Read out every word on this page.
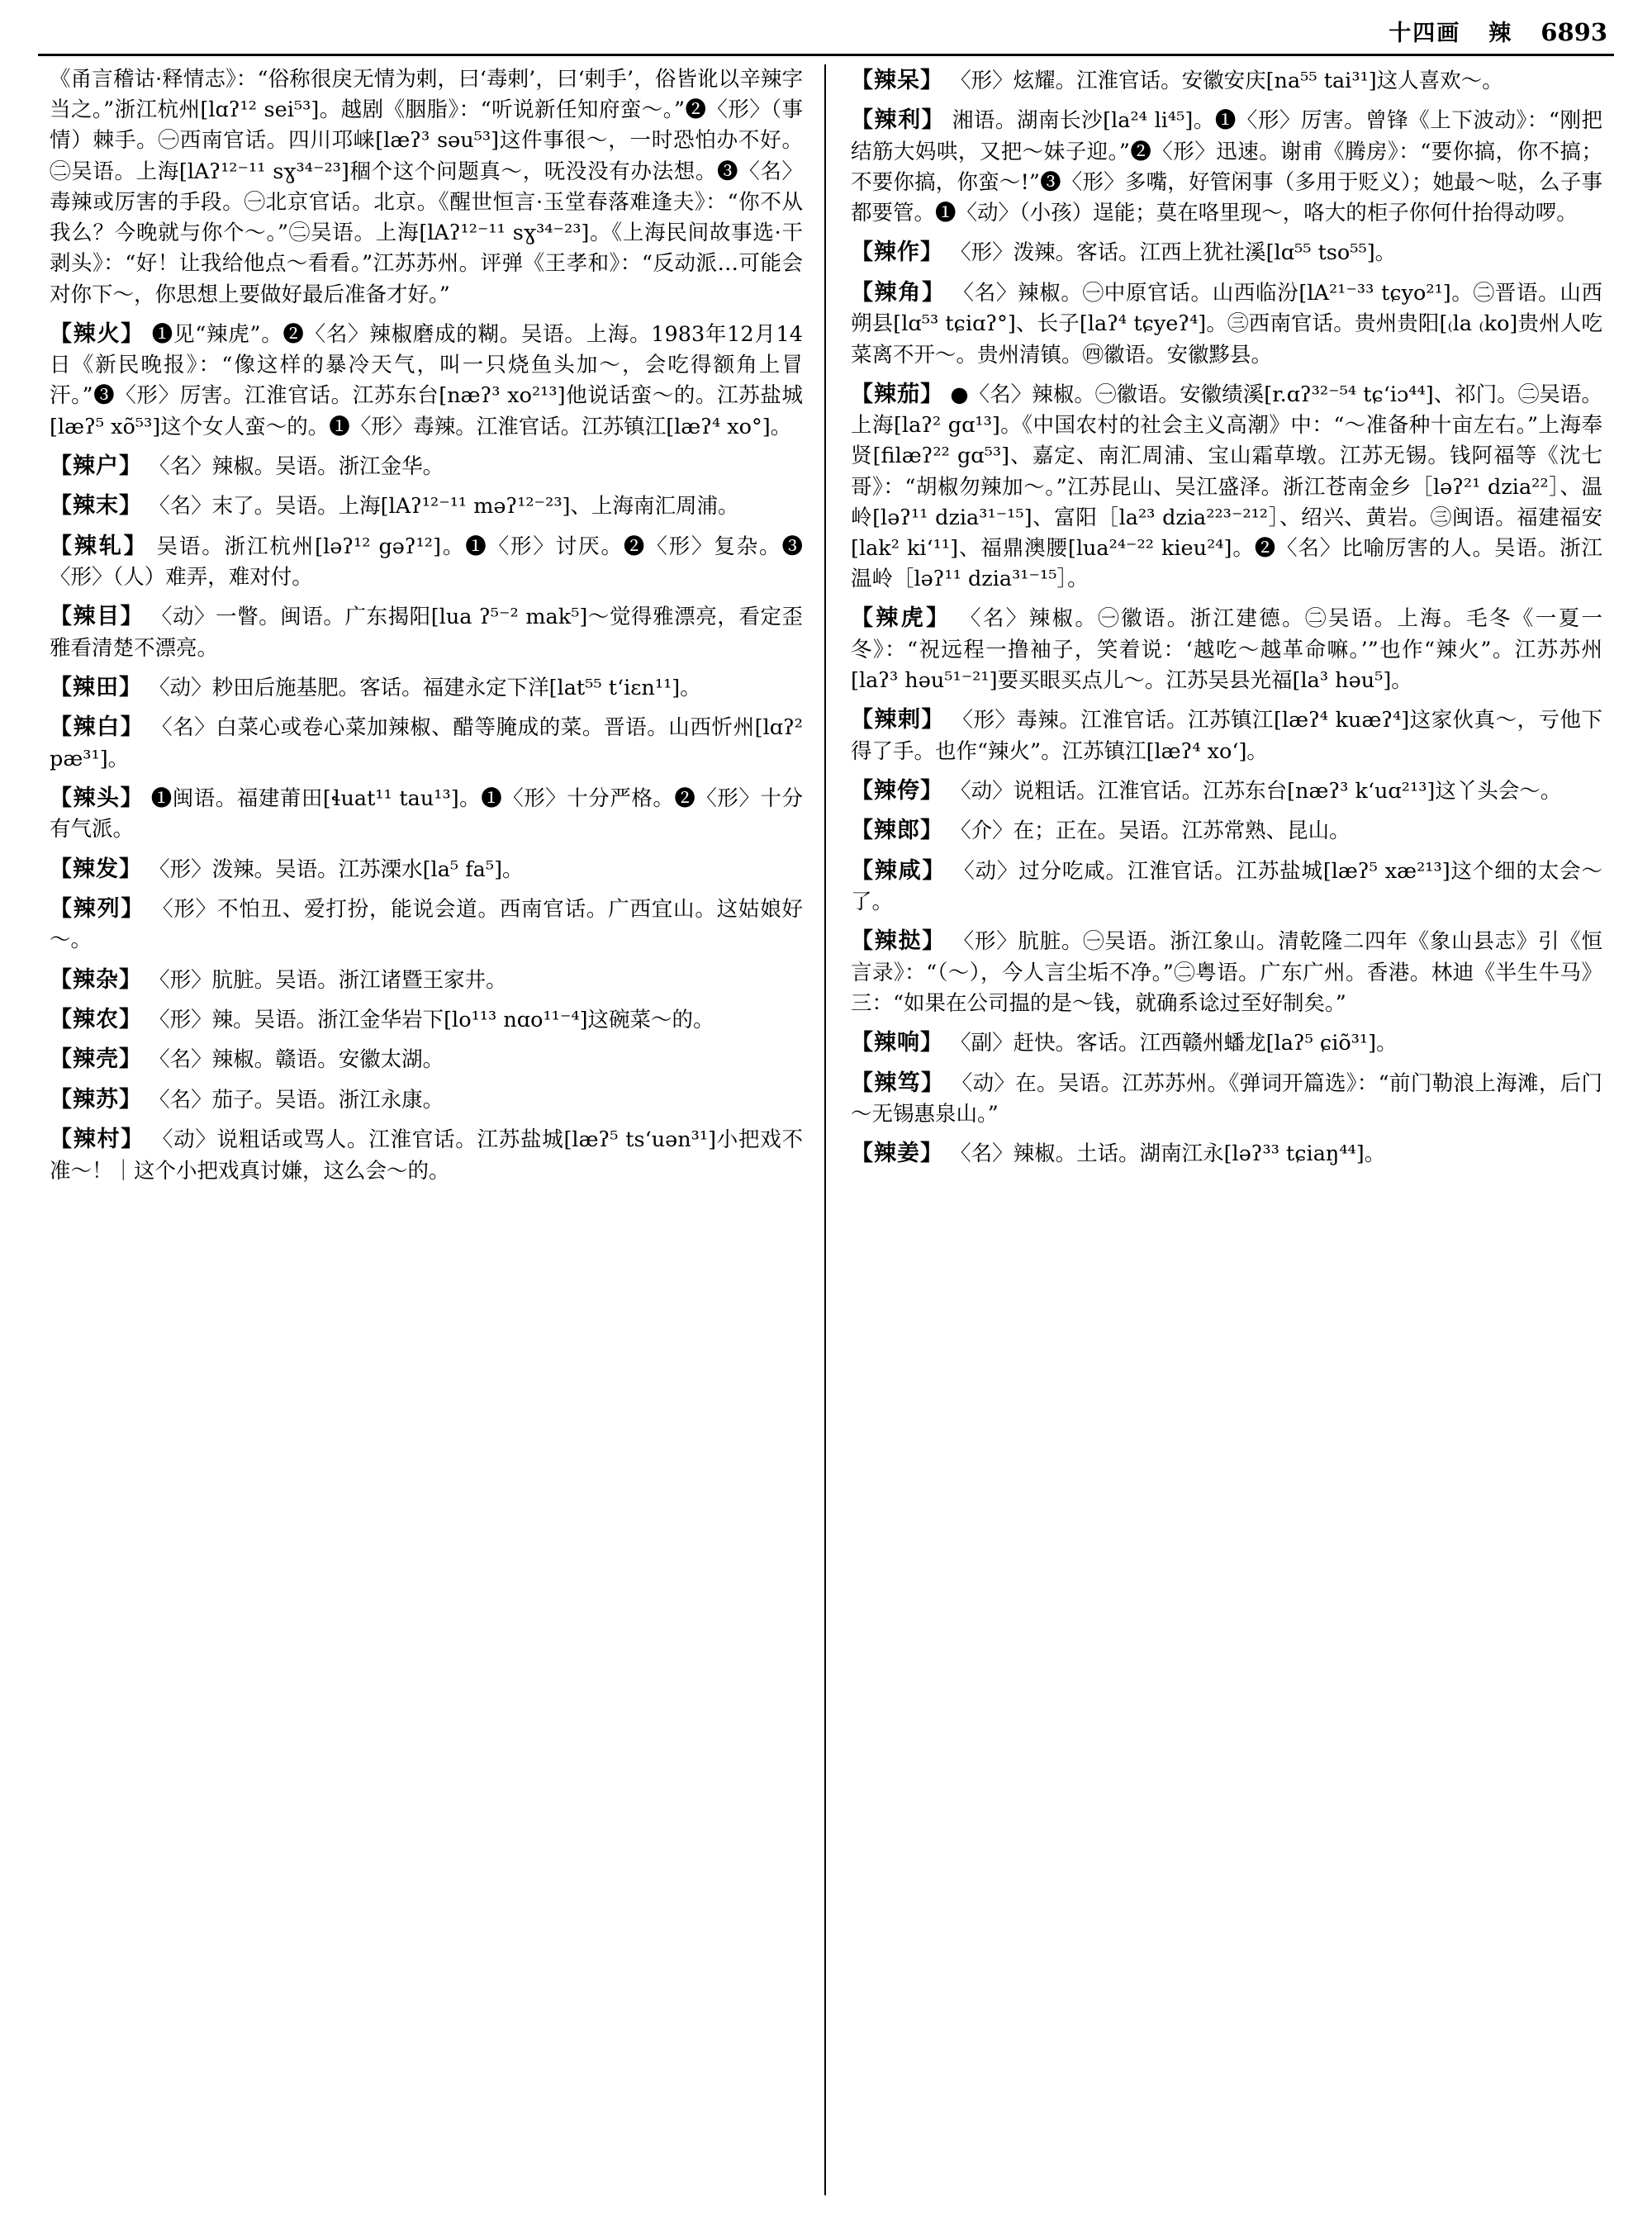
十四画 辣 6893
《甬言稽诂·释情志》：“俗称很戾无情为剌，曰‘毒剌’，曰‘剌手’，俗皆讹以辛辣字当之。”浙江杭州[lɑʔ¹² sei⁵³]。越剧《胭脂》：“听说新任知府蛮～。”❷〈形〉（事情）棘手。㊀西南官话。四川邛崃[læʔ³ səu⁵³]这件事很～，一时恐怕办不好。㊁吴语。上海[lAʔ¹²⁻¹¹ sɣ³⁴⁻²³]稒个这个问题真～，呒没没有办法想。❸〈名〉毒辣或厉害的手段。㊀北京官话。北京。《醒世恒言·玉堂春落难逢夫》：“你不从我么？今晚就与你个～。”㊁吴语。上海[lAʔ¹²⁻¹¹ sɣ³⁴⁻²³]。《上海民间故事选·干剥头》：“好！让我给他点～看看。”江苏苏州。评弹《王孝和》：“反动派…可能会对你下～，你思想上要做好最后准备才好。”
【辣火】 ❶见“辣虎”。❷〈名〉辣椒磨成的糊。吴语。上海。1983年12月14日《新民晚报》：“像这样的暴冷天气，叫一只烧鱼头加～，会吃得额角上冒汗。”❸〈形〉厉害。江淮官话。江苏东台[næʔ³ xo²¹³]他说话蛮～的。江苏盐城[læʔ⁵ xõ⁵³]这个女人蛮～的。❶〈形〉毒辣。江淮官话。江苏镇江[læʔ⁴ xo°]。
【辣户】 〈名〉辣椒。吴语。浙江金华。
【辣末】 〈名〉末了。吴语。上海[lAʔ¹²⁻¹¹ məʔ¹²⁻²³]、上海南汇周浦。
【辣轧】 吴语。浙江杭州[ləʔ¹² gəʔ¹²]。❶〈形〉讨厌。❷〈形〉复杂。❸〈形〉（人）难弄，难对付。
【辣目】 〈动〉一瞥。闽语。广东揭阳[lua ʔ⁵⁻² mak⁵]～觉得雅漂亮，看定歪雅看清楚不漂亮。
【辣田】 〈动〉耖田后施基肥。客话。福建永定下洋[lat⁵⁵ tʻiɛn¹¹]。
【辣白】 〈名〉白菜心或卷心菜加辣椒、醋等腌成的菜。晋语。山西忻州[lɑʔ² pæ³¹]。
【辣头】 ❶闽语。福建莆田[ɬuat¹¹ tau¹³]。❶〈形〉十分严格。❷〈形〉十分有气派。
【辣发】 〈形〉泼辣。吴语。江苏溧水[la⁵ fa⁵]。
【辣列】 〈形〉不怕丑、爱打扮，能说会道。西南官话。广西宜山。这姑娘好～。
【辣杂】 〈形〉肮脏。吴语。浙江诸暨王家井。
【辣农】 〈形〉辣。吴语。浙江金华岩下[lo¹¹³ nɑo¹¹⁻⁴]这碗菜～的。
【辣壳】 〈名〉辣椒。赣语。安徽太湖。
【辣苏】 〈名〉茄子。吴语。浙江永康。
【辣村】 〈动〉说粗话或骂人。江淮官话。江苏盐城[læʔ⁵ tsʻuən³¹]小把戏不准～！｜这个小把戏真讨嫌，这么会～的。
【辣呆】 〈形〉炫耀。江淮官话。安徽安庆[na⁵⁵ tai³¹]这人喜欢～。
【辣利】 湘语。湖南长沙[la²⁴ li⁴⁵]。❶〈形〉厉害。曾锋《上下波动》：“刚把结筋大妈哄，又把～妹子迎。”❷〈形〉迅速。谢甫《腾房》：“要你搞，你不搞；不要你搞，你蛮～!”❸〈形〉多嘴，好管闲事（多用于贬义）；她最～哒，么子事都要管。❶〈动〉（小孩）逞能；莫在咯里现～，咯大的柜子你何什抬得动啰。
【辣作】 〈形〉泼辣。客话。江西上犹社溪[lɑ⁵⁵ tso⁵⁵]。
【辣角】 〈名〉辣椒。㊀中原官话。山西临汾[lA²¹⁻³³ tɕyo²¹]。㊁晋语。山西朔县[lɑ⁵³ tɕiɑʔ°]、长子[laʔ⁴ tɕyeʔ⁴]。㊂西南官话。贵州贵阳[₍la ₍ko]贵州人吃菜离不开～。贵州清镇。㊃徽语。安徽黟县。
【辣茄】 ●〈名〉辣椒。㊀徽语。安徽绩溪[r.ɑʔ³²⁻⁵⁴ tɕʻiɔ⁴⁴]、祁门。㊁吴语。上海[laʔ² gɑ¹³]。《中国农村的社会主义高潮》中：“～准备种十亩左右。”上海奉贤[filæʔ²² gɑ⁵³]、嘉定、南汇周浦、宝山霜草墩。江苏无锡。钱阿福等《沈七哥》：“胡椒勿辣加～。”江苏昆山、吴江盛泽。浙江苍南金乡［ləʔ²¹ dzia²²］、温岭[ləʔ¹¹ dzia³¹⁻¹⁵]、富阳［la²³ dzia²²³⁻²¹²］、绍兴、黄岩。㊂闽语。福建福安[lak² kiʻ¹¹]、福鼎澳腰[lua²⁴⁻²² kieu²⁴]。❷〈名〉比喻厉害的人。吴语。浙江温岭［ləʔ¹¹ dzia³¹⁻¹⁵］。
【辣虎】 〈名〉辣椒。㊀徽语。浙江建德。㊁吴语。上海。毛冬《一夏一冬》：“祝远程一撸袖子，笑着说：‘越吃～越革命嘛。’”也作“辣火”。江苏苏州[laʔ³ həu⁵¹⁻²¹]要买眼买点儿～。江苏吴县光福[la³ həu⁵]。
【辣剌】 〈形〉毒辣。江淮官话。江苏镇江[læʔ⁴ kuæʔ⁴]这家伙真～，亏他下得了手。也作“辣火”。江苏镇江[læʔ⁴ xoʻ]。
【辣侉】 〈动〉说粗话。江淮官话。江苏东台[næʔ³ kʻuɑ²¹³]这丫头会～。
【辣郎】 〈介〉在；正在。吴语。江苏常熟、昆山。
【辣咸】 〈动〉过分吃咸。江淮官话。江苏盐城[læʔ⁵ xæ²¹³]这个细的太会～了。
【辣挞】 〈形〉肮脏。㊀吴语。浙江象山。清乾隆二四年《象山县志》引《恒言录》：“（～），今人言尘垢不净。”㊁粤语。广东广州。香港。林迪《半生牛马》三：“如果在公司揾的是～钱，就确系谂过至好制矣。”
【辣响】 〈副〉赶快。客话。江西赣州蟠龙[laʔ⁵ ɕiõ³¹]。
【辣笃】 〈动〉在。吴语。江苏苏州。《弹词开篇选》：“前门勒浪上海滩，后门～无锡惠泉山。”
【辣姜】 〈名〉辣椒。土话。湖南江永[ləʔ³³ tɕiaŋ⁴⁴]。
